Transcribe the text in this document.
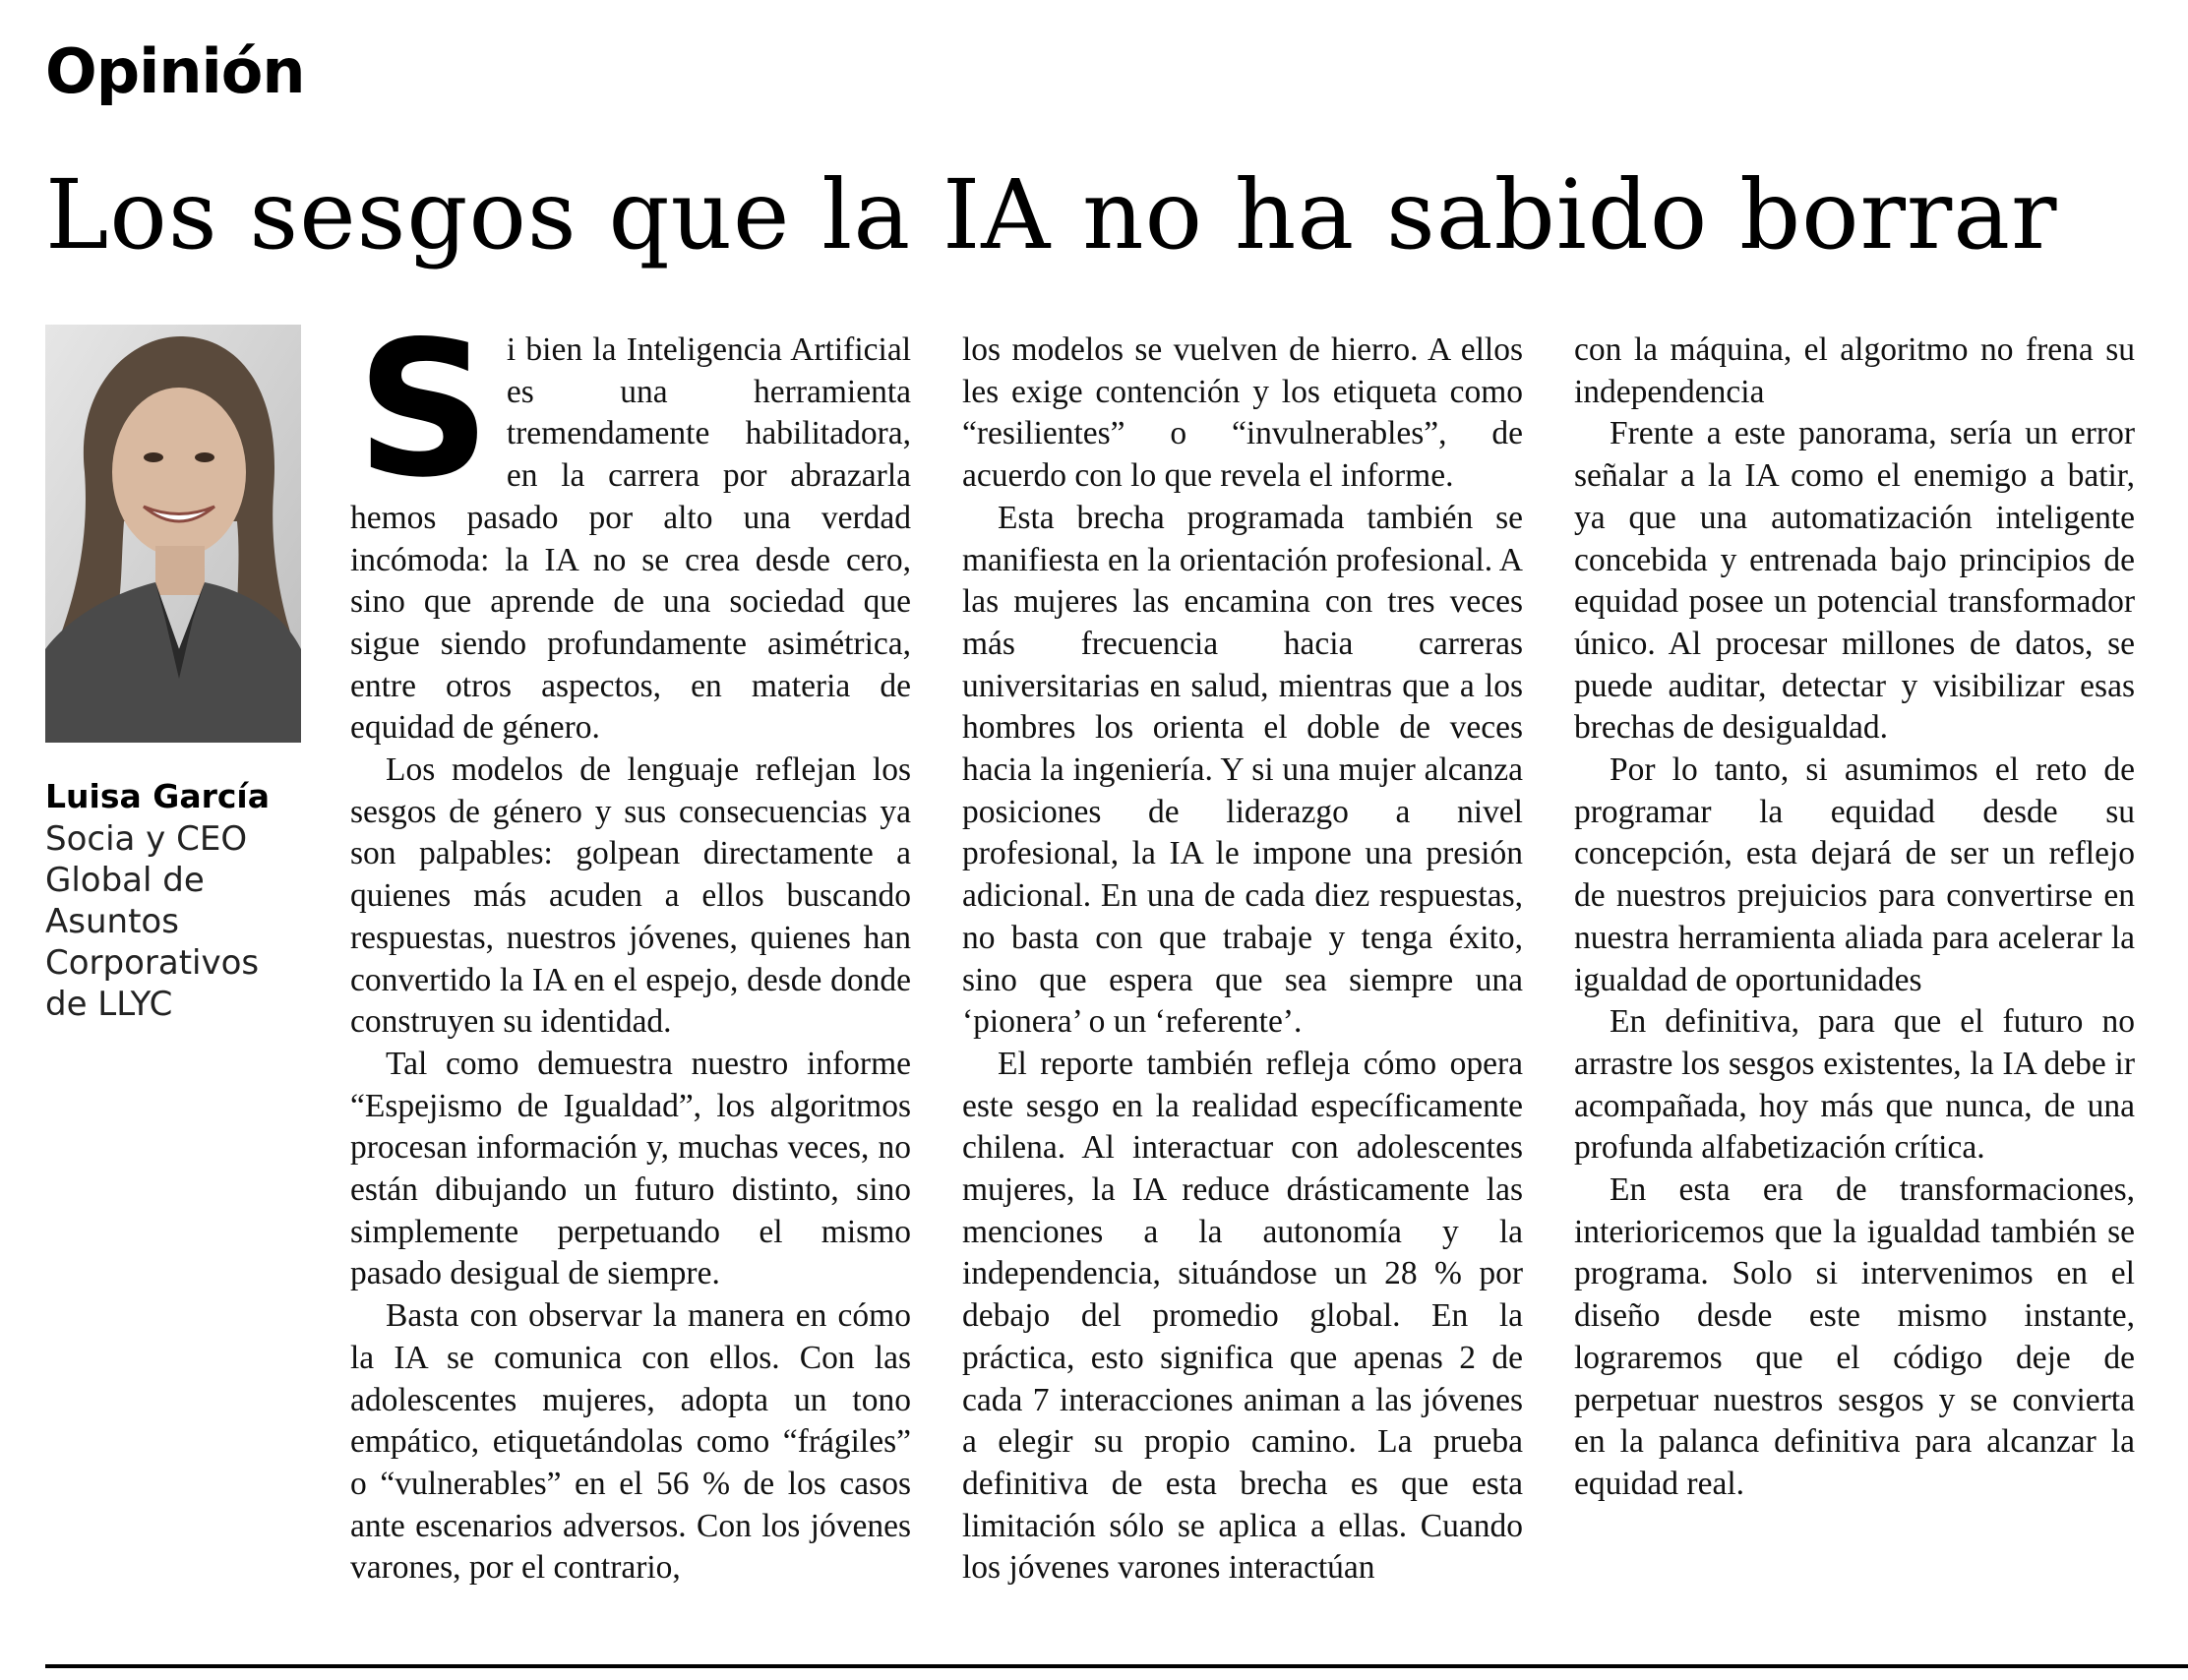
Opinión
Los sesgos que la IA no ha sabido borrar
Luisa García
Socia y CEO Global de Asuntos Corporativos de LLYC

Si bien la Inteligencia Artificial es una herramienta tremendamente habilitadora, en la carrera por abrazarla hemos pasado por alto una verdad incómoda: la IA no se crea desde cero, sino que aprende de una sociedad que sigue siendo profundamente asimétrica, entre otros aspectos, en materia de equidad de género.

Los modelos de lenguaje reflejan los sesgos de género y sus consecuencias ya son palpables: golpean directamente a quienes más acuden a ellos buscando respuestas, nuestros jóvenes, quienes han convertido la IA en el espejo, desde donde construyen su identidad.

Tal como demuestra nuestro informe “Espejismo de Igualdad”, los algoritmos procesan información y, muchas veces, no están dibujando un futuro distinto, sino simplemente perpetuando el mismo pasado desigual de siempre.

Basta con observar la manera en cómo la IA se comunica con ellos. Con las adolescentes mujeres, adopta un tono empático, etiquetándolas como “frágiles” o “vulnerables” en el 56 % de los casos ante escenarios adversos. Con los jóvenes varones, por el contrario,

los modelos se vuelven de hierro. A ellos les exige contención y los etiqueta como “resilientes” o “invulnerables”, de acuerdo con lo que revela el informe.

Esta brecha programada también se manifiesta en la orientación profesional. A las mujeres las encamina con tres veces más frecuencia hacia carreras universitarias en salud, mientras que a los hombres los orienta el doble de veces hacia la ingeniería. Y si una mujer alcanza posiciones de liderazgo a nivel profesional, la IA le impone una presión adicional. En una de cada diez respuestas, no basta con que trabaje y tenga éxito, sino que espera que sea siempre una ‘pionera’ o un ‘referente’.

El reporte también refleja cómo opera este sesgo en la realidad específicamente chilena. Al interactuar con adolescentes mujeres, la IA reduce drásticamente las menciones a la autonomía y la independencia, situándose un 28 % por debajo del promedio global. En la práctica, esto significa que apenas 2 de cada 7 interacciones animan a las jóvenes a elegir su propio camino. La prueba definitiva de esta brecha es que esta limitación sólo se aplica a ellas. Cuando los jóvenes varones interactúan

con la máquina, el algoritmo no frena su independencia

Frente a este panorama, sería un error señalar a la IA como el enemigo a batir, ya que una automatización inteligente concebida y entrenada bajo principios de equidad posee un potencial transformador único. Al procesar millones de datos, se puede auditar, detectar y visibilizar esas brechas de desigualdad.

Por lo tanto, si asumimos el reto de programar la equidad desde su concepción, esta dejará de ser un reflejo de nuestros prejuicios para convertirse en nuestra herramienta aliada para acelerar la igualdad de oportunidades

En definitiva, para que el futuro no arrastre los sesgos existentes, la IA debe ir acompañada, hoy más que nunca, de una profunda alfabetización crítica.

En esta era de transformaciones, interioricemos que la igualdad también se programa. Solo si intervenimos en el diseño desde este mismo instante, lograremos que el código deje de perpetuar nuestros sesgos y se convierta en la palanca definitiva para alcanzar la equidad real.
